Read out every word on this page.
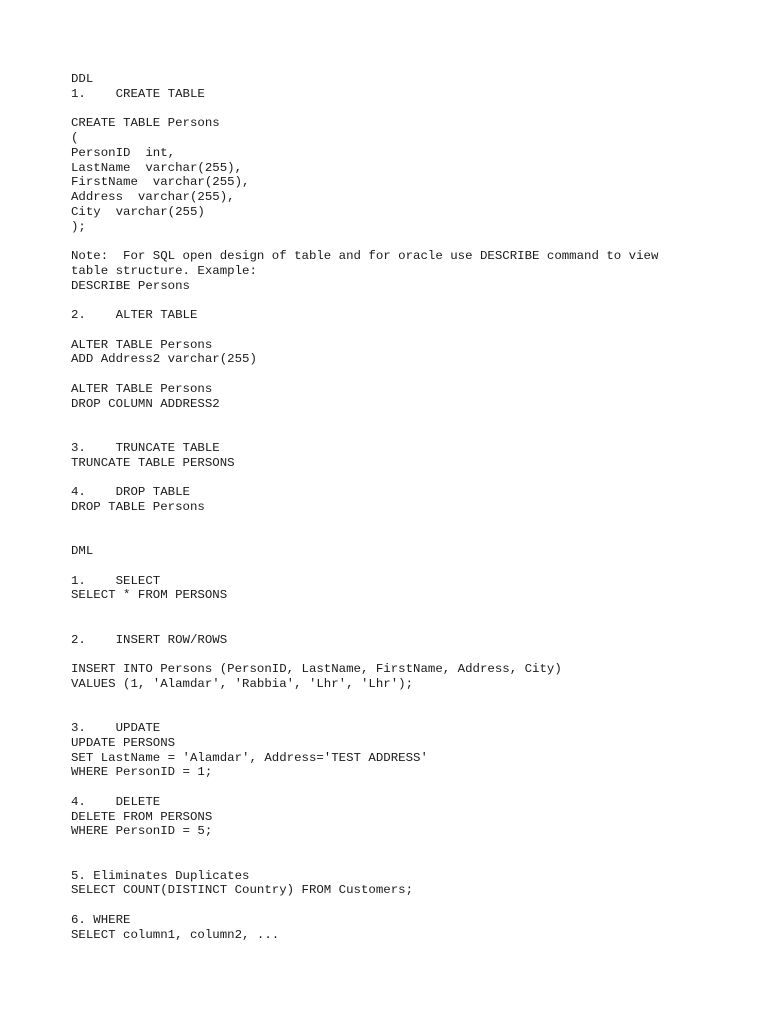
DDL
1.    CREATE TABLE
CREATE TABLE Persons
(
PersonID  int,
LastName  varchar(255),
FirstName  varchar(255),
Address  varchar(255),
City  varchar(255)
);
Note:  For SQL open design of table and for oracle use DESCRIBE command to view
table structure. Example:
DESCRIBE Persons
2.    ALTER TABLE
ALTER TABLE Persons
ADD Address2 varchar(255)
ALTER TABLE Persons
DROP COLUMN ADDRESS2
3.    TRUNCATE TABLE
TRUNCATE TABLE PERSONS
4.    DROP TABLE
DROP TABLE Persons
DML
1.    SELECT
SELECT * FROM PERSONS
2.    INSERT ROW/ROWS
INSERT INTO Persons (PersonID, LastName, FirstName, Address, City)
VALUES (1, 'Alamdar', 'Rabbia', 'Lhr', 'Lhr');
3.    UPDATE
UPDATE PERSONS
SET LastName = 'Alamdar', Address='TEST ADDRESS'
WHERE PersonID = 1;
4.    DELETE
DELETE FROM PERSONS
WHERE PersonID = 5;
5. Eliminates Duplicates
SELECT COUNT(DISTINCT Country) FROM Customers;
6. WHERE
SELECT column1, column2, ...
